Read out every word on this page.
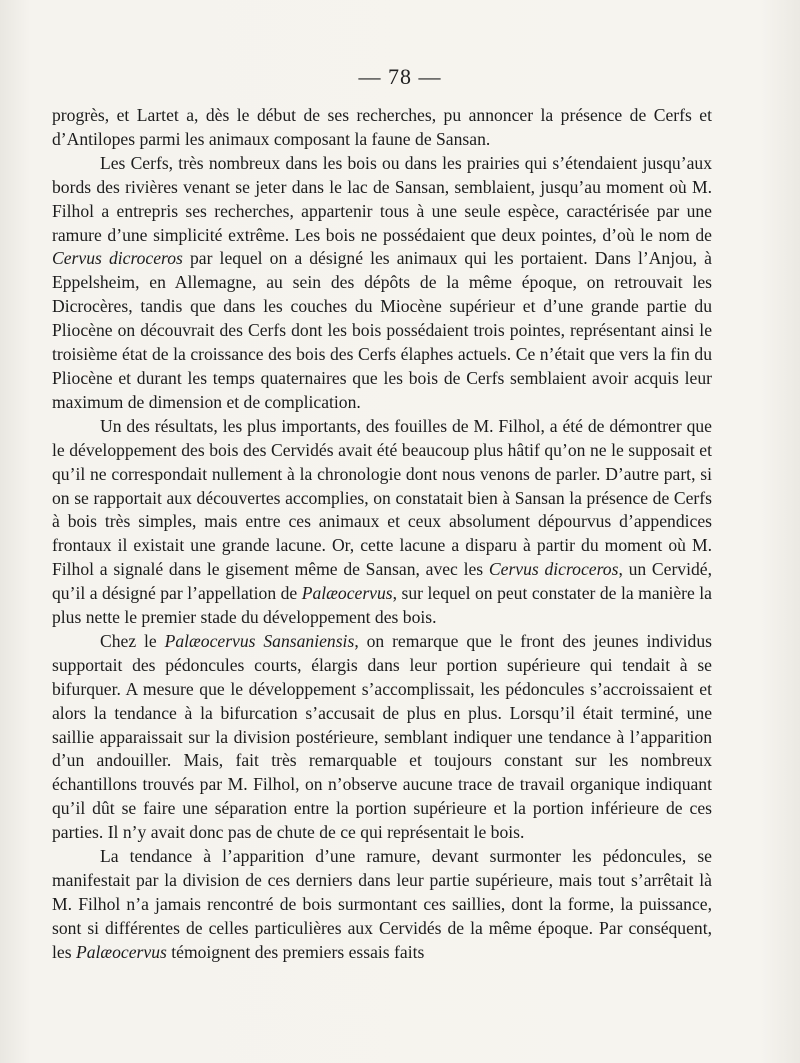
— 78 —

progrès, et Lartet a, dès le début de ses recherches, pu annoncer la présence de Cerfs et d’Antilopes parmi les animaux composant la faune de Sansan.

Les Cerfs, très nombreux dans les bois ou dans les prairies qui s’étendaient jusqu’aux bords des rivières venant se jeter dans le lac de Sansan, semblaient, jusqu’au moment où M. Filhol a entrepris ses recherches, appartenir tous à une seule espèce, caractérisée par une ramure d’une simplicité extrême. Les bois ne possédaient que deux pointes, d’où le nom de Cervus dicroceros par lequel on a désigné les animaux qui les portaient. Dans l’Anjou, à Eppelsheim, en Allemagne, au sein des dépôts de la même époque, on retrouvait les Dicrocères, tandis que dans les couches du Miocène supérieur et d’une grande partie du Pliocène on découvrait des Cerfs dont les bois possédaient trois pointes, représentant ainsi le troisième état de la croissance des bois des Cerfs élaphes actuels. Ce n’était que vers la fin du Pliocène et durant les temps quaternaires que les bois de Cerfs semblaient avoir acquis leur maximum de dimension et de complication.

Un des résultats, les plus importants, des fouilles de M. Filhol, a été de démontrer que le développement des bois des Cervidés avait été beaucoup plus hâtif qu’on ne le supposait et qu’il ne correspondait nullement à la chronologie dont nous venons de parler. D’autre part, si on se rapportait aux découvertes accomplies, on constatait bien à Sansan la présence de Cerfs à bois très simples, mais entre ces animaux et ceux absolument dépourvus d’appendices frontaux il existait une grande lacune. Or, cette lacune a disparu à partir du moment où M. Filhol a signalé dans le gisement même de Sansan, avec les Cervus dicroceros, un Cervidé, qu’il a désigné par l’appellation de Palæocervus, sur lequel on peut constater de la manière la plus nette le premier stade du développement des bois.

Chez le Palæocervus Sansaniensis, on remarque que le front des jeunes individus supportait des pédoncules courts, élargis dans leur portion supérieure qui tendait à se bifurquer. A mesure que le développement s’accomplissait, les pédoncules s’accroissaient et alors la tendance à la bifurcation s’accusait de plus en plus. Lorsqu’il était terminé, une saillie apparaissait sur la division postérieure, semblant indiquer une tendance à l’apparition d’un andouiller. Mais, fait très remarquable et toujours constant sur les nombreux échantillons trouvés par M. Filhol, on n’observe aucune trace de travail organique indiquant qu’il dût se faire une séparation entre la portion supérieure et la portion inférieure de ces parties. Il n’y avait donc pas de chute de ce qui représentait le bois.

La tendance à l’apparition d’une ramure, devant surmonter les pédoncules, se manifestait par la division de ces derniers dans leur partie supérieure, mais tout s’arrêtait là M. Filhol n’a jamais rencontré de bois surmontant ces saillies, dont la forme, la puissance, sont si différentes de celles particulières aux Cervidés de la même époque. Par conséquent, les Palæocervus témoignent des premiers essais faits
